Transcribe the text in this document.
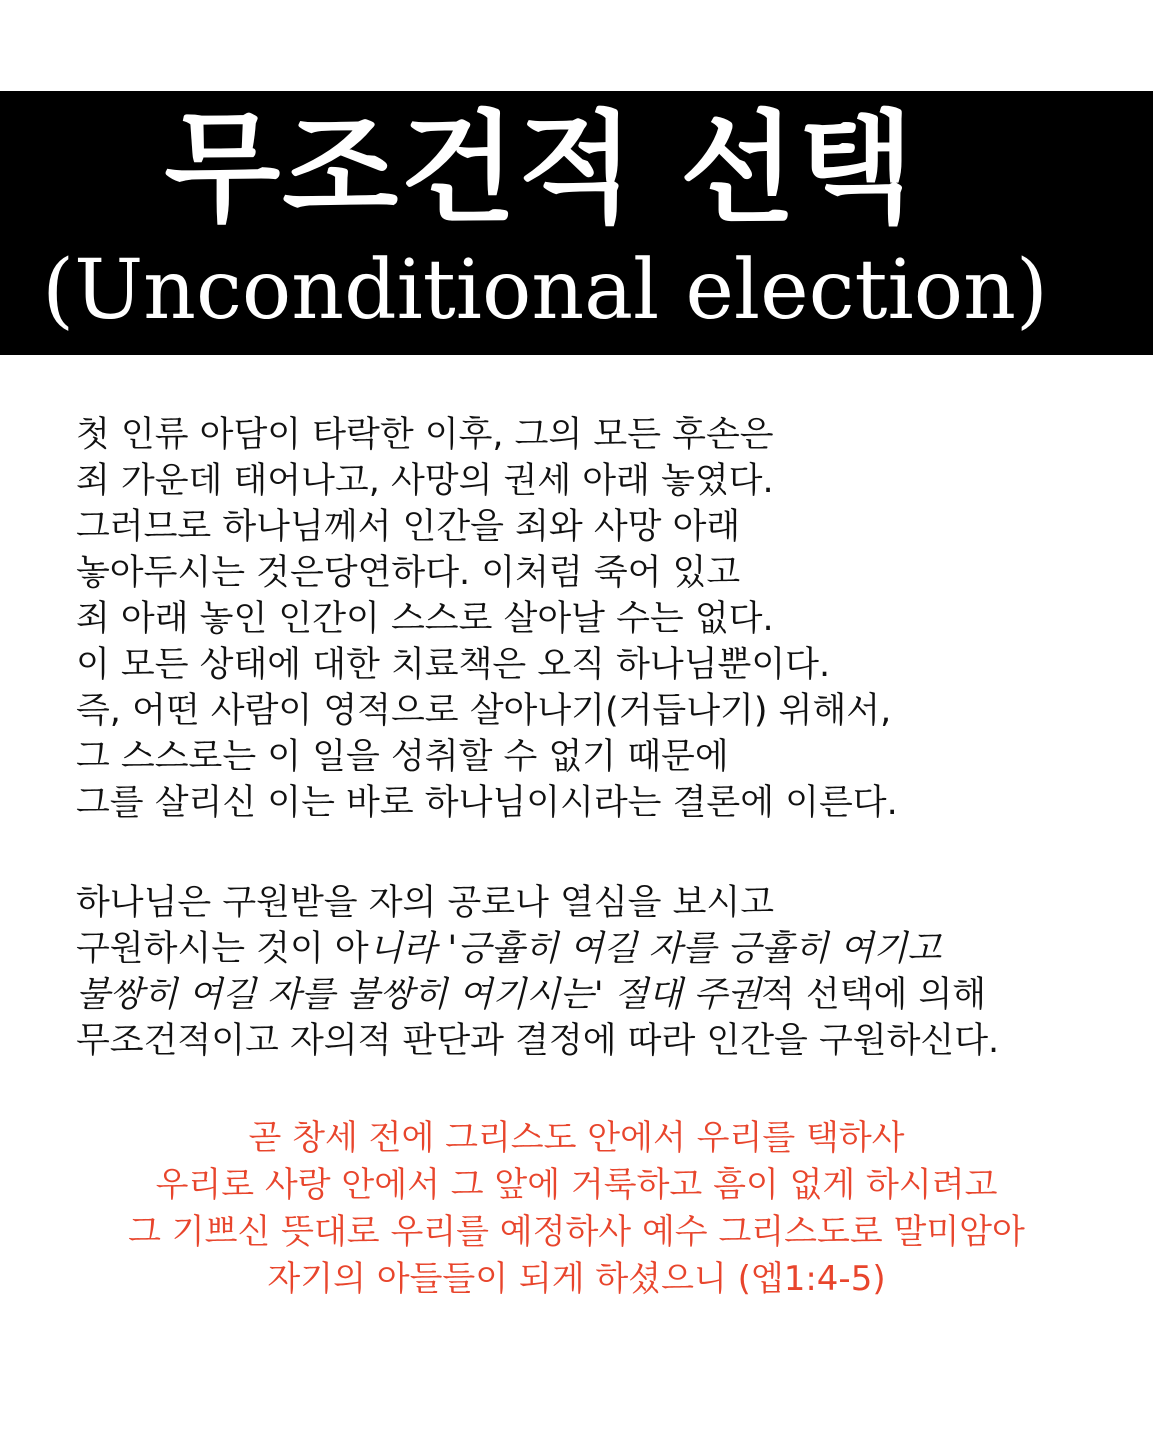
무조건적 선택
(Unconditional election)
첫 인류 아담이 타락한 이후, 그의 모든 후손은
죄 가운데 태어나고, 사망의 권세 아래 놓였다.
그러므로 하나님께서 인간을 죄와 사망 아래
놓아두시는 것은당연하다. 이처럼 죽어 있고
죄 아래 놓인 인간이 스스로 살아날 수는 없다.
이 모든 상태에 대한 치료책은 오직 하나님뿐이다.
즉, 어떤 사람이 영적으로 살아나기(거듭나기) 위해서,
그 스스로는 이 일을 성취할 수 없기 때문에
그를 살리신 이는 바로 하나님이시라는 결론에 이른다.
하나님은 구원받을 자의 공로나 열심을 보시고
구원하시는 것이 아니라 '긍휼히 여길 자를 긍휼히 여기고
불쌍히 여길 자를 불쌍히 여기시는' 절대 주권적 선택에 의해
무조건적이고 자의적 판단과 결정에 따라 인간을 구원하신다.
곧 창세 전에 그리스도 안에서 우리를 택하사
우리로 사랑 안에서 그 앞에 거룩하고 흠이 없게 하시려고
그 기쁘신 뜻대로 우리를 예정하사 예수 그리스도로 말미암아
자기의 아들들이 되게 하셨으니 (엡1:4-5)
